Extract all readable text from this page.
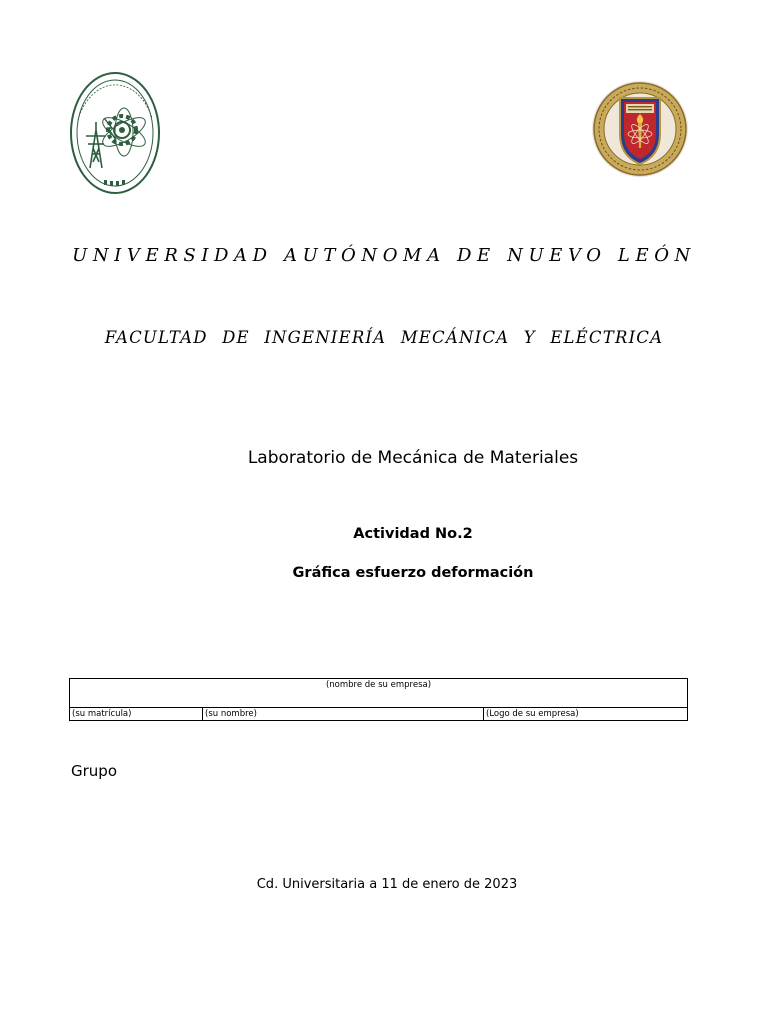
UNIVERSIDAD AUTÓNOMA DE NUEVO LEÓN
FACULTAD DE INGENIERÍA MECÁNICA Y ELÉCTRICA
Laboratorio de Mecánica de Materiales
Actividad No.2
Gráfica esfuerzo deformación
(nombre de su empresa)
(su matrícula)	(su nombre)	(Logo de su empresa)
Grupo
Cd. Universitaria a 11 de enero de 2023
